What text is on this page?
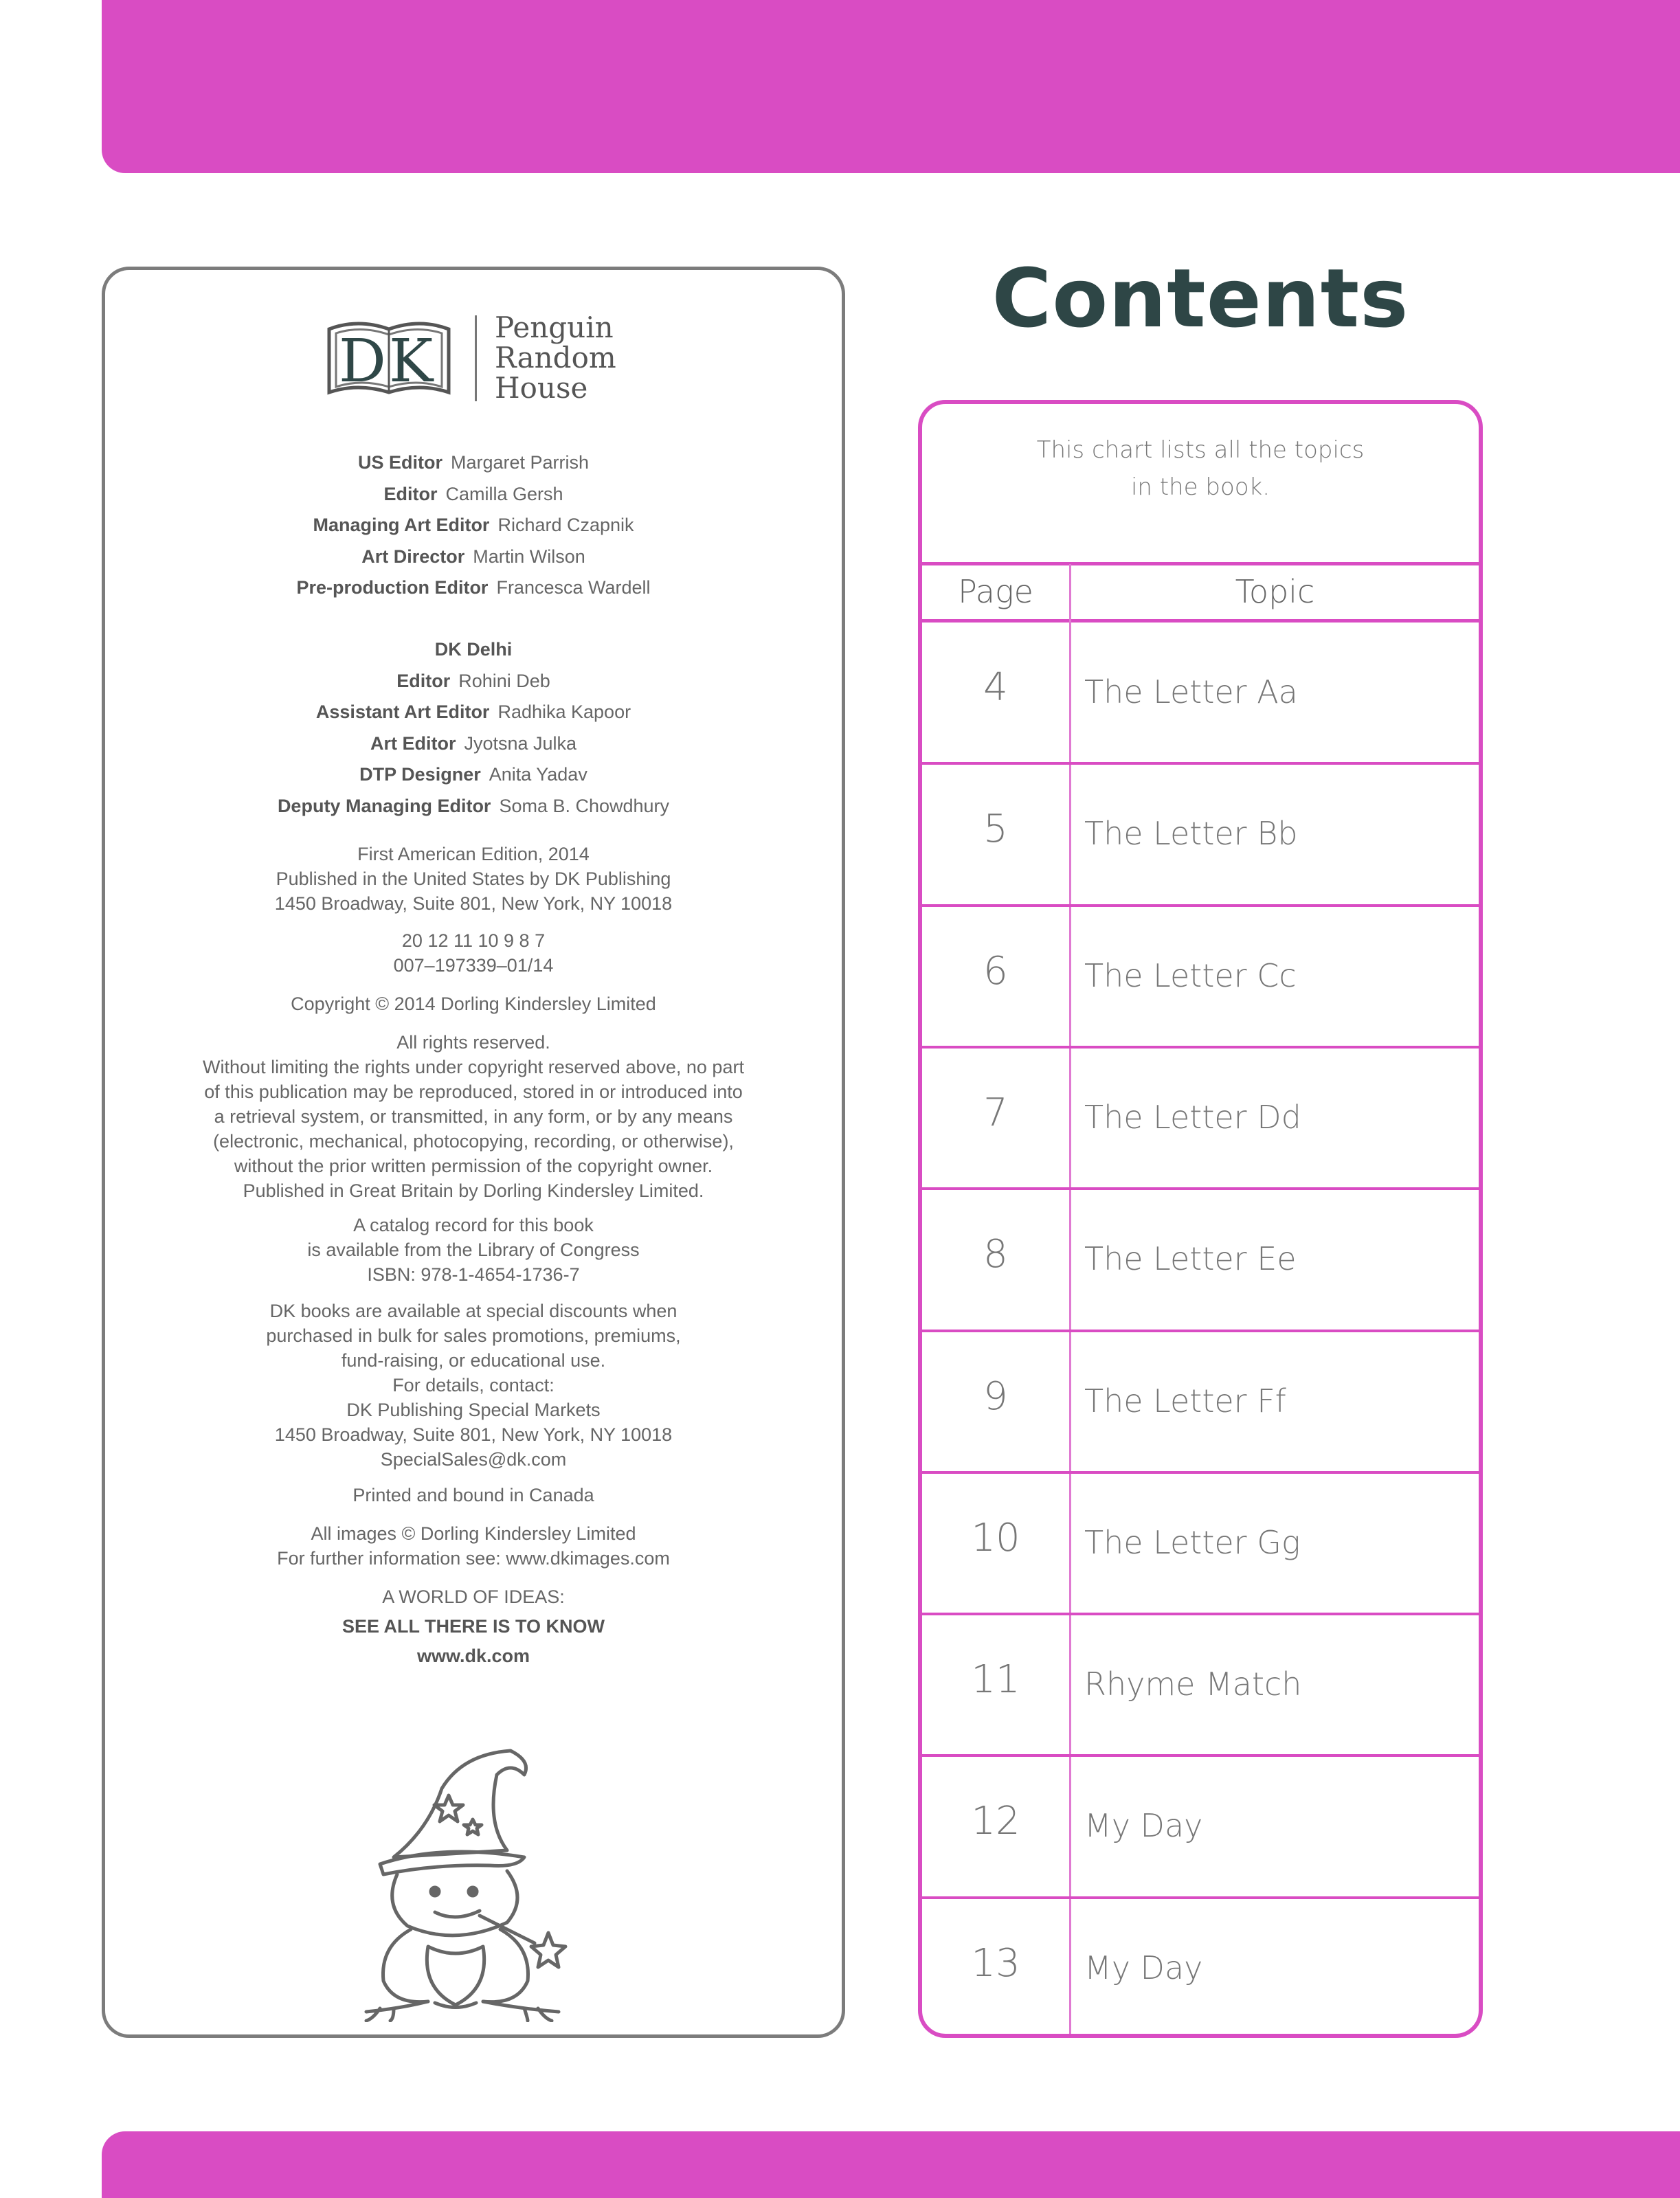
D K Penguin
Random
House
US Editor Margaret Parrish
Editor Camilla Gersh
Managing Art Editor Richard Czapnik
Art Director Martin Wilson
Pre-production Editor Francesca Wardell
DK Delhi
Editor Rohini Deb
Assistant Art Editor Radhika Kapoor
Art Editor Jyotsna Julka
DTP Designer Anita Yadav
Deputy Managing Editor Soma B. Chowdhury
First American Edition, 2014
Published in the United States by DK Publishing
1450 Broadway, Suite 801, New York, NY 10018
20 12 11 10 9 8 7
007–197339–01/14
Copyright © 2014 Dorling Kindersley Limited
All rights reserved.
Without limiting the rights under copyright reserved above, no part
of this publication may be reproduced, stored in or introduced into
a retrieval system, or transmitted, in any form, or by any means
(electronic, mechanical, photocopying, recording, or otherwise),
without the prior written permission of the copyright owner.
Published in Great Britain by Dorling Kindersley Limited.
A catalog record for this book
is available from the Library of Congress
ISBN: 978-1-4654-1736-7
DK books are available at special discounts when
purchased in bulk for sales promotions, premiums,
fund-raising, or educational use.
For details, contact:
DK Publishing Special Markets
1450 Broadway, Suite 801, New York, NY 10018
SpecialSales@dk.com
Printed and bound in Canada
All images © Dorling Kindersley Limited
For further information see: www.dkimages.com
A WORLD OF IDEAS:
SEE ALL THERE IS TO KNOW
www.dk.com
Contents
This chart lists all the topics
in the book.
Page	Topic
4	The Letter Aa
5	The Letter Bb
6	The Letter Cc
7	The Letter Dd
8	The Letter Ee
9	The Letter Ff
10	The Letter Gg
11	Rhyme Match
12	My Day
13	My Day
